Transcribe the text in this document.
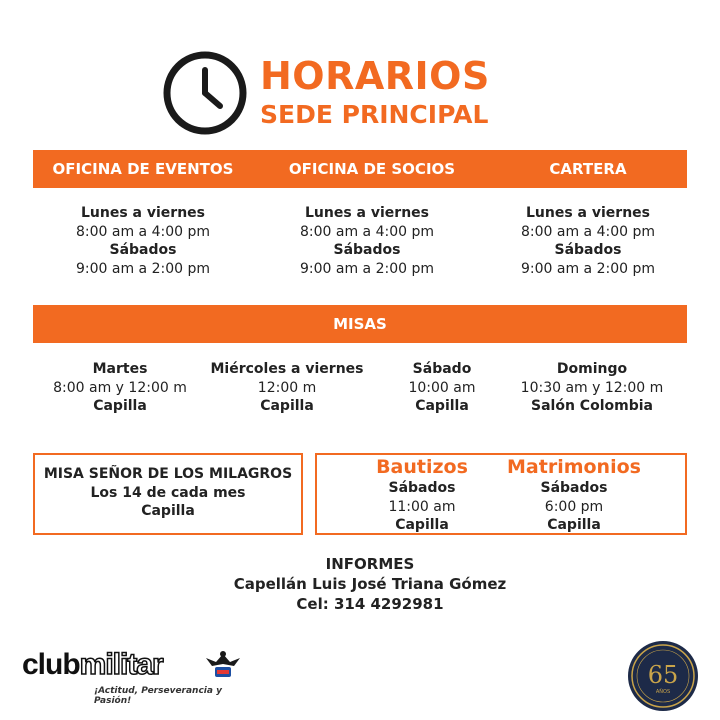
HORARIOS
SEDE PRINCIPAL
OFICINA DE EVENTOS	OFICINA DE SOCIOS	CARTERA
Lunes a viernes
8:00 am a 4:00 pm
Sábados
9:00 am a 2:00 pm
Lunes a viernes
8:00 am a 4:00 pm
Sábados
9:00 am a 2:00 pm
Lunes a viernes
8:00 am a 4:00 pm
Sábados
9:00 am a 2:00 pm
MISAS
Martes
8:00 am y 12:00 m
Capilla
Miércoles a viernes
12:00 m
Capilla
Sábado
10:00 am
Capilla
Domingo
10:30 am y 12:00 m
Salón Colombia
MISA SEÑOR DE LOS MILAGROS
Los 14 de cada mes
Capilla
Bautizos
Sábados
11:00 am
Capilla
Matrimonios
Sábados
6:00 pm
Capilla
INFORMES
Capellán Luis José Triana Gómez
Cel: 314 4292981
clubmilitar
¡Actitud, Perseverancia y Pasión!
65
AÑOS
